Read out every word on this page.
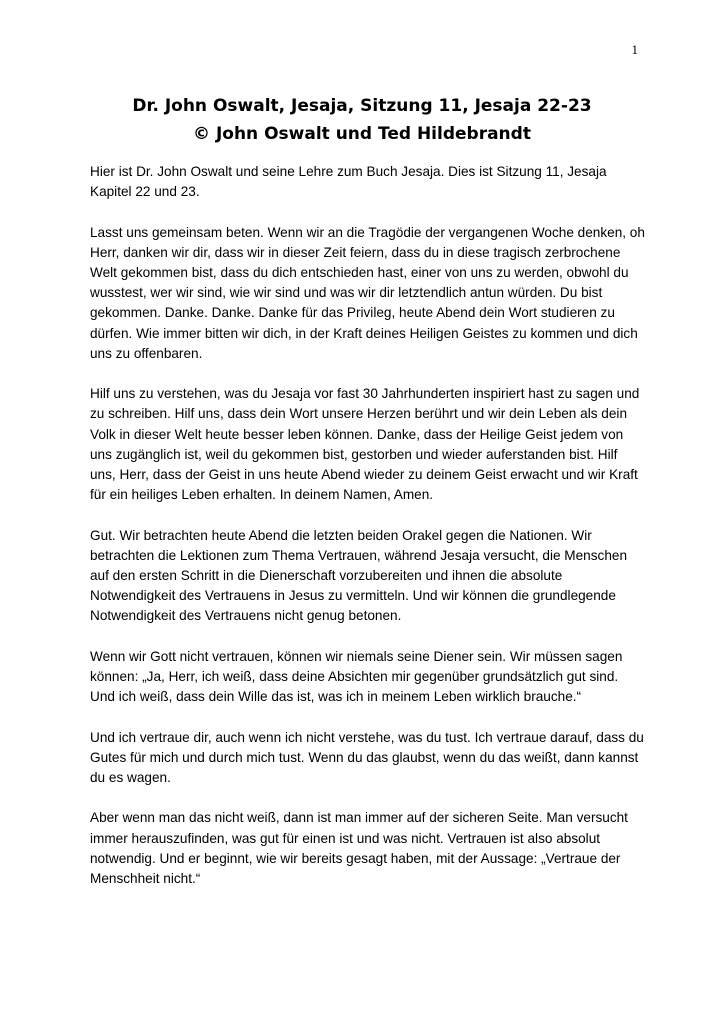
1
Dr. John Oswalt, Jesaja, Sitzung 11, Jesaja 22-23
© John Oswalt und Ted Hildebrandt

Hier ist Dr. John Oswalt und seine Lehre zum Buch Jesaja. Dies ist Sitzung 11, Jesaja Kapitel 22 und 23.

Lasst uns gemeinsam beten. Wenn wir an die Tragödie der vergangenen Woche denken, oh Herr, danken wir dir, dass wir in dieser Zeit feiern, dass du in diese tragisch zerbrochene Welt gekommen bist, dass du dich entschieden hast, einer von uns zu werden, obwohl du wusstest, wer wir sind, wie wir sind und was wir dir letztendlich antun würden. Du bist gekommen. Danke. Danke. Danke für das Privileg, heute Abend dein Wort studieren zu dürfen. Wie immer bitten wir dich, in der Kraft deines Heiligen Geistes zu kommen und dich uns zu offenbaren.

Hilf uns zu verstehen, was du Jesaja vor fast 30 Jahrhunderten inspiriert hast zu sagen und zu schreiben. Hilf uns, dass dein Wort unsere Herzen berührt und wir dein Leben als dein Volk in dieser Welt heute besser leben können. Danke, dass der Heilige Geist jedem von uns zugänglich ist, weil du gekommen bist, gestorben und wieder auferstanden bist. Hilf uns, Herr, dass der Geist in uns heute Abend wieder zu deinem Geist erwacht und wir Kraft für ein heiliges Leben erhalten. In deinem Namen, Amen.

Gut. Wir betrachten heute Abend die letzten beiden Orakel gegen die Nationen. Wir betrachten die Lektionen zum Thema Vertrauen, während Jesaja versucht, die Menschen auf den ersten Schritt in die Dienerschaft vorzubereiten und ihnen die absolute Notwendigkeit des Vertrauens in Jesus zu vermitteln. Und wir können die grundlegende Notwendigkeit des Vertrauens nicht genug betonen.

Wenn wir Gott nicht vertrauen, können wir niemals seine Diener sein. Wir müssen sagen können: „Ja, Herr, ich weiß, dass deine Absichten mir gegenüber grundsätzlich gut sind. Und ich weiß, dass dein Wille das ist, was ich in meinem Leben wirklich brauche.“

Und ich vertraue dir, auch wenn ich nicht verstehe, was du tust. Ich vertraue darauf, dass du Gutes für mich und durch mich tust. Wenn du das glaubst, wenn du das weißt, dann kannst du es wagen.

Aber wenn man das nicht weiß, dann ist man immer auf der sicheren Seite. Man versucht immer herauszufinden, was gut für einen ist und was nicht. Vertrauen ist also absolut notwendig. Und er beginnt, wie wir bereits gesagt haben, mit der Aussage: „Vertraue der Menschheit nicht.“
